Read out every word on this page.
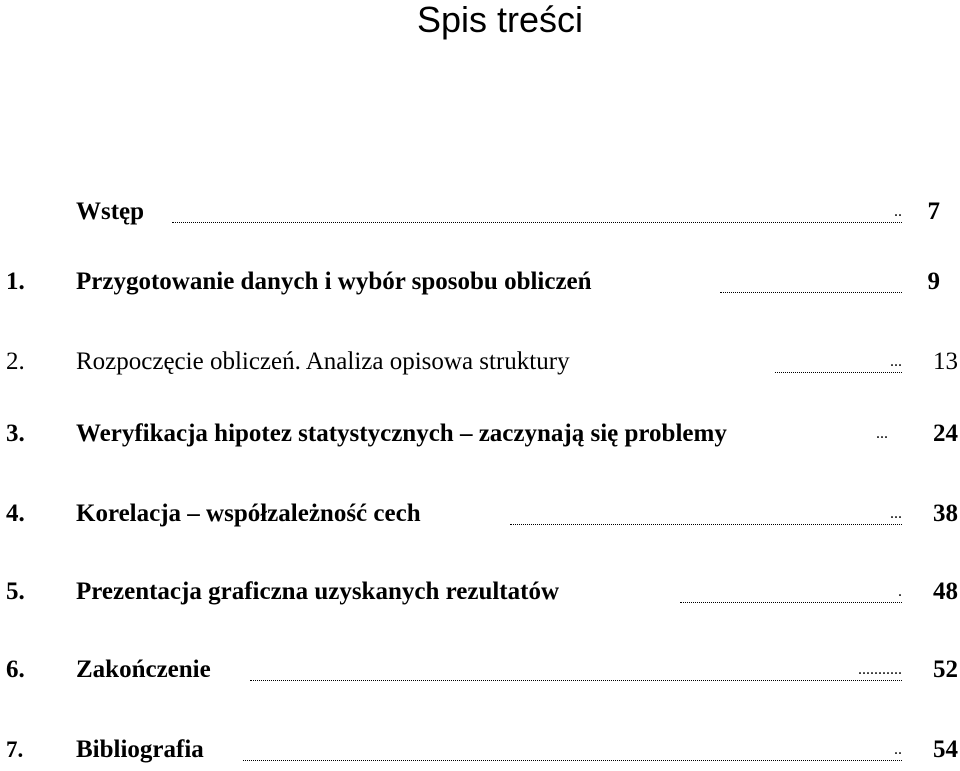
Spis treści
Wstęp	.. 7
1. Przygotowanie danych i wybór sposobu obliczeń	9
2. Rozpoczęcie obliczeń. Analiza opisowa struktury	... 13
3. Weryfikacja hipotez statystycznych – zaczynają się problemy	...	24
4. Korelacja – współzależność cech	... 38
5. Prezentacja graficzna uzyskanych rezultatów	. 48
6. Zakończenie	........... 52
7. Bibliografia	.. 54
